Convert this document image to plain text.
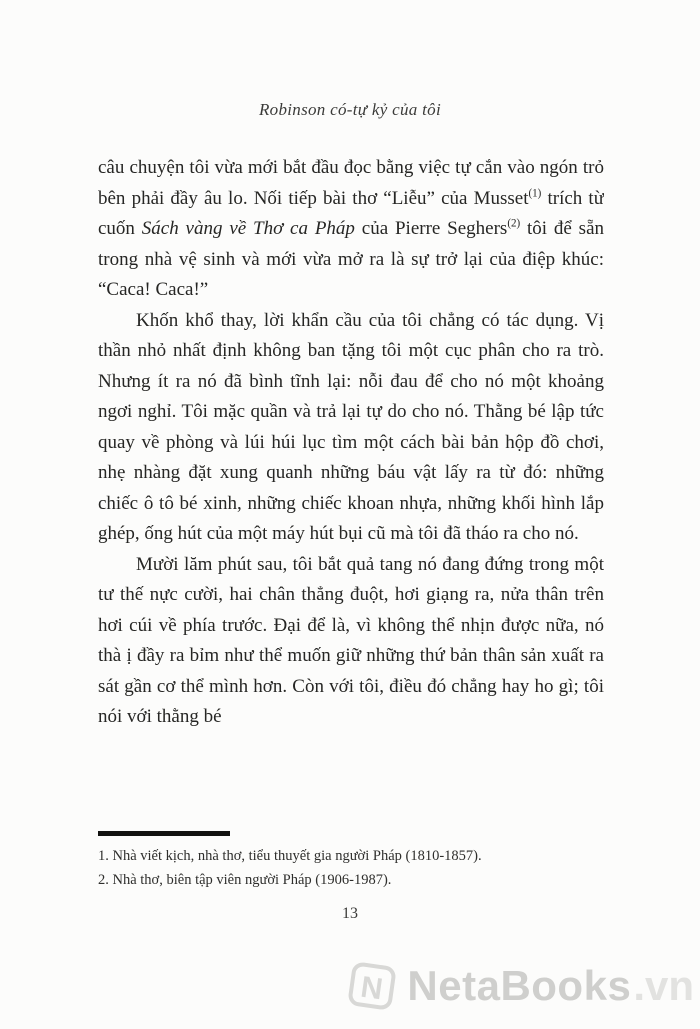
Robinson có-tự kỷ của tôi

câu chuyện tôi vừa mới bắt đầu đọc bằng việc tự cắn vào ngón trỏ bên phải đầy âu lo. Nối tiếp bài thơ “Liễu” của Musset$^{(1)}$ trích từ cuốn Sách vàng về Thơ ca Pháp của Pierre Seghers$^{(2)}$ tôi để sẵn trong nhà vệ sinh và mới vừa mở ra là sự trở lại của điệp khúc: “Caca! Caca!”

Khốn khổ thay, lời khẩn cầu của tôi chẳng có tác dụng. Vị thần nhỏ nhất định không ban tặng tôi một cục phân cho ra trò. Nhưng ít ra nó đã bình tĩnh lại: nỗi đau để cho nó một khoảng ngơi nghỉ. Tôi mặc quần và trả lại tự do cho nó. Thằng bé lập tức quay về phòng và lúi húi lục tìm một cách bài bản hộp đồ chơi, nhẹ nhàng đặt xung quanh những báu vật lấy ra từ đó: những chiếc ô tô bé xinh, những chiếc khoan nhựa, những khối hình lắp ghép, ống hút của một máy hút bụi cũ mà tôi đã tháo ra cho nó.

Mười lăm phút sau, tôi bắt quả tang nó đang đứng trong một tư thế nực cười, hai chân thẳng đuột, hơi giạng ra, nửa thân trên hơi cúi về phía trước. Đại để là, vì không thể nhịn được nữa, nó thà ị đầy ra bỉm như thể muốn giữ những thứ bản thân sản xuất ra sát gần cơ thể mình hơn. Còn với tôi, điều đó chẳng hay ho gì; tôi nói với thằng bé

1. Nhà viết kịch, nhà thơ, tiểu thuyết gia người Pháp (1810-1857).

2. Nhà thơ, biên tập viên người Pháp (1906-1987).

13
N NetaBooks .vn
